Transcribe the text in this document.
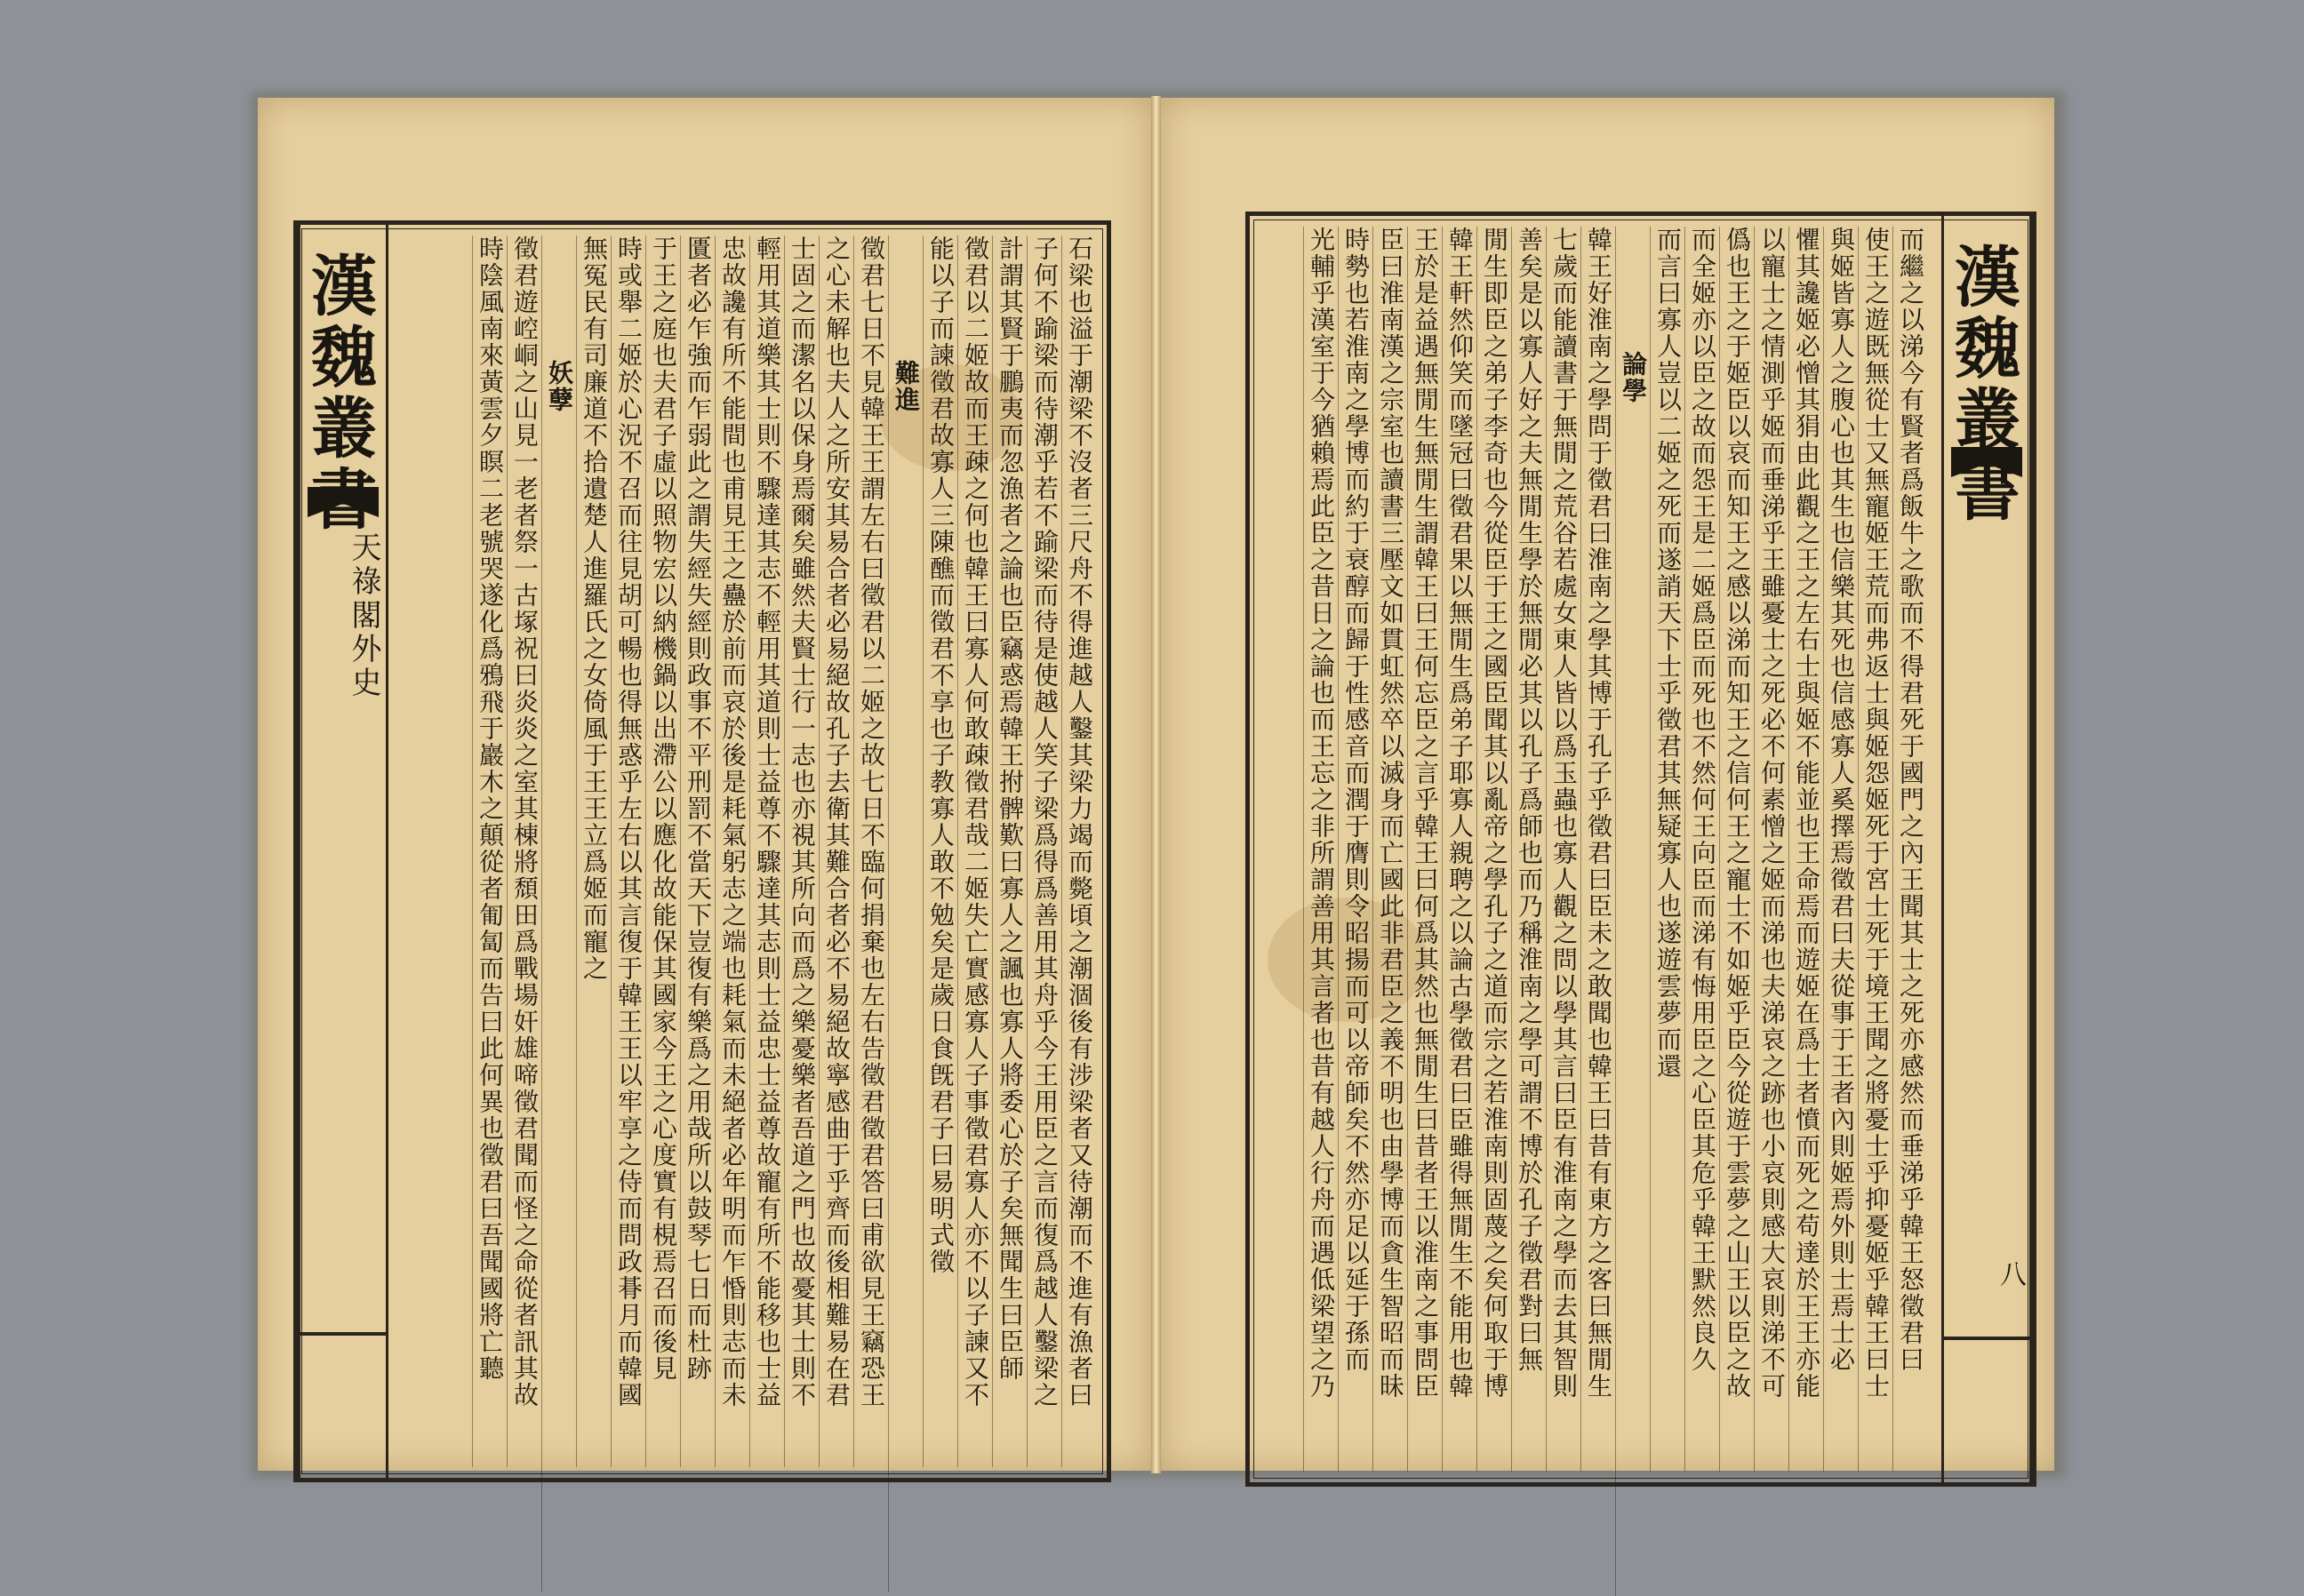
漢魏叢書
天祿閣外史	石梁也溢于潮梁不沒者三尺舟不得進越人鑿其梁力竭而斃頃之潮涸後有涉梁者又待潮而不進有漁者曰
子何不踰梁而待潮乎若不踰梁而待是使越人笑子梁爲得爲善用其舟乎今王用臣之言而復爲越人鑿梁之
計謂其賢于鵬夷而忽漁者之論也臣竊惑焉韓王拊髀歎曰寡人之諷也寡人將委心於子矣無聞生曰臣師
徵君以二姬故而王疎之何也韓王曰寡人何敢疎徵君哉二姬失亡實感寡人子事徵君寡人亦不以子諫又不
能以子而諫徵君故寡人三陳醮而徵君不享也子教寡人敢不勉矣是歲日食旣君子曰易明式徵
難進
徵君七日不見韓王王謂左右曰徵君以二姬之故七日不臨何捐棄也左右告徵君徵君答曰甫欲見王竊恐王
之心未解也夫人之所安其易合者必易絕故孔子去衛其難合者必不易絕故寧感曲于乎齊而後相難易在君
士固之而潔名以保身焉爾矣雖然夫賢士行一志也亦視其所向而爲之樂憂樂者吾道之門也故憂其士則不
輕用其道樂其士則不驟達其志不輕用其道則士益尊不驟達其志則士益忠士益尊故寵有所不能移也士益
忠故讒有所不能間也甫見王之蠱於前而哀於後是耗氣躬志之端也耗氣而未絕者必年明而乍惛則志而未
匱者必乍強而乍弱此之謂失經失經則政事不平刑罰不當天下豈復有樂爲之用哉所以鼓琴七日而杜跡
于王之庭也夫君子虛以照物宏以納機鍋以出滯公以應化故能保其國家今王之心度實有梘焉召而後見
時或舉二姬於心況不召而往見胡可暢也得無惑乎左右以其言復于韓王王以牢享之侍而問政朞月而韓國
無冤民有司廉道不拾遺楚人進羅氏之女倚風于王王立爲姬而寵之
妖孽
徵君遊崆峒之山見一老者祭一古塚祝曰炎炎之室其棟將頹田爲戰場奸雄啼徵君聞而怪之命從者訊其故
時陰風南來黃雲夕瞑二老號哭遂化爲鴉飛于巖木之顛從者匍匐而告曰此何異也徵君曰吾聞國將亡聽	漢魏叢書
八
而繼之以涕今有賢者爲飯牛之歌而不得君死于國門之內王聞其士之死亦感然而垂涕乎韓王怒徵君曰
使王之遊既無從士又無寵姬王荒而弗返士與姬怨姬死于宮士死于境王聞之將憂士乎抑憂姬乎韓王曰士
與姬皆寡人之腹心也其生也信樂其死也信感寡人奚擇焉徵君曰夫從事于王者內則姬焉外則士焉士必
懼其讒姬必憎其狷由此觀之王之左右士與姬不能並也王命焉而遊姬在爲士者憤而死之苟達於王王亦能
以寵士之情測乎姬而垂涕乎王雖憂士之死必不何素憎之姬而涕也夫涕哀之跡也小哀則感大哀則涕不可
僞也王之于姬臣以哀而知王之感以涕而知王之信何王之寵士不如姬乎臣今從遊于雲夢之山王以臣之故
而全姬亦以臣之故而怨王是二姬爲臣而死也不然何王向臣而涕有悔用臣之心臣其危乎韓王默然良久
而言曰寡人豈以二姬之死而遂誚天下士乎徵君其無疑寡人也遂遊雲夢而還
論學
韓王好淮南之學問于徵君曰淮南之學其博于孔子乎徵君曰臣未之敢聞也韓王曰昔有東方之客曰無閒生
七歲而能讀書于無閒之荒谷若處女東人皆以爲玉蟲也寡人觀之問以學其言曰臣有淮南之學而去其智則
善矣是以寡人好之夫無閒生學於無閒必其以孔子爲師也而乃稱淮南之學可謂不博於孔子徵君對曰無
閒生即臣之弟子李奇也今從臣于王之國臣聞其以亂帝之學孔子之道而宗之若淮南則固蔑之矣何取于博
韓王軒然仰笑而墜冠曰徵君果以無閒生爲弟子耶寡人親聘之以論古學徵君曰臣雖得無閒生不能用也韓
王於是益遇無閒生無閒生謂韓王曰王何忘臣之言乎韓王曰何爲其然也無閒生曰昔者王以淮南之事問臣
臣曰淮南漢之宗室也讀書三壓文如貫虹然卒以滅身而亡國此非君臣之義不明也由學博而貪生智昭而昧
時勢也若淮南之學博而約于衰醇而歸于性感音而潤于膺則令昭揚而可以帝師矣不然亦足以延于孫而
光輔乎漢室于今猶賴焉此臣之昔日之論也而王忘之非所謂善用其言者也昔有越人行舟而遇低梁望之乃
